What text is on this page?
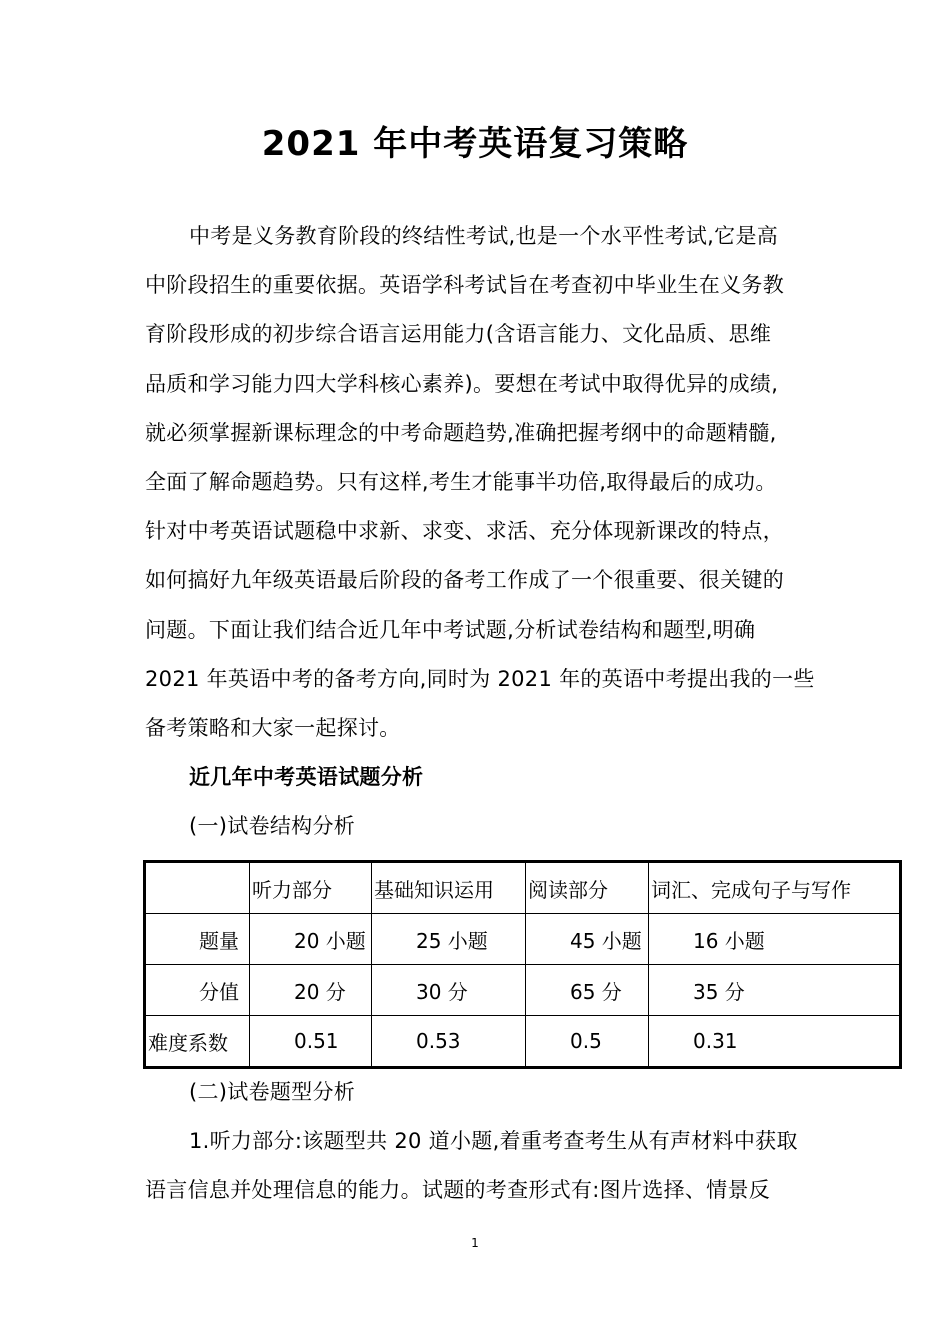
2021 年中考英语复习策略
中考是义务教育阶段的终结性考试,也是一个水平性考试,它是高
中阶段招生的重要依据。英语学科考试旨在考查初中毕业生在义务教
育阶段形成的初步综合语言运用能力(含语言能力、文化品质、思维
品质和学习能力四大学科核心素养)。要想在考试中取得优异的成绩,
就必须掌握新课标理念的中考命题趋势,准确把握考纲中的命题精髓,
全面了解命题趋势。只有这样,考生才能事半功倍,取得最后的成功。
针对中考英语试题稳中求新、求变、求活、充分体现新课改的特点，
如何搞好九年级英语最后阶段的备考工作成了一个很重要、很关键的
问题。下面让我们结合近几年中考试题,分析试卷结构和题型,明确
2021 年英语中考的备考方向,同时为 2021 年的英语中考提出我的一些
备考策略和大家一起探讨。
近几年中考英语试题分析
(一)试卷结构分析
	听力部分	基础知识运用	阅读部分	词汇、完成句子与写作
题量	20 小题	25 小题	45 小题	16 小题
分值	20 分	30 分	65 分	35 分
难度系数	0.51	0.53	0.5	0.31
(二)试卷题型分析
1.听力部分:该题型共 20 道小题,着重考查考生从有声材料中获取
语言信息并处理信息的能力。试题的考查形式有:图片选择、情景反
1
